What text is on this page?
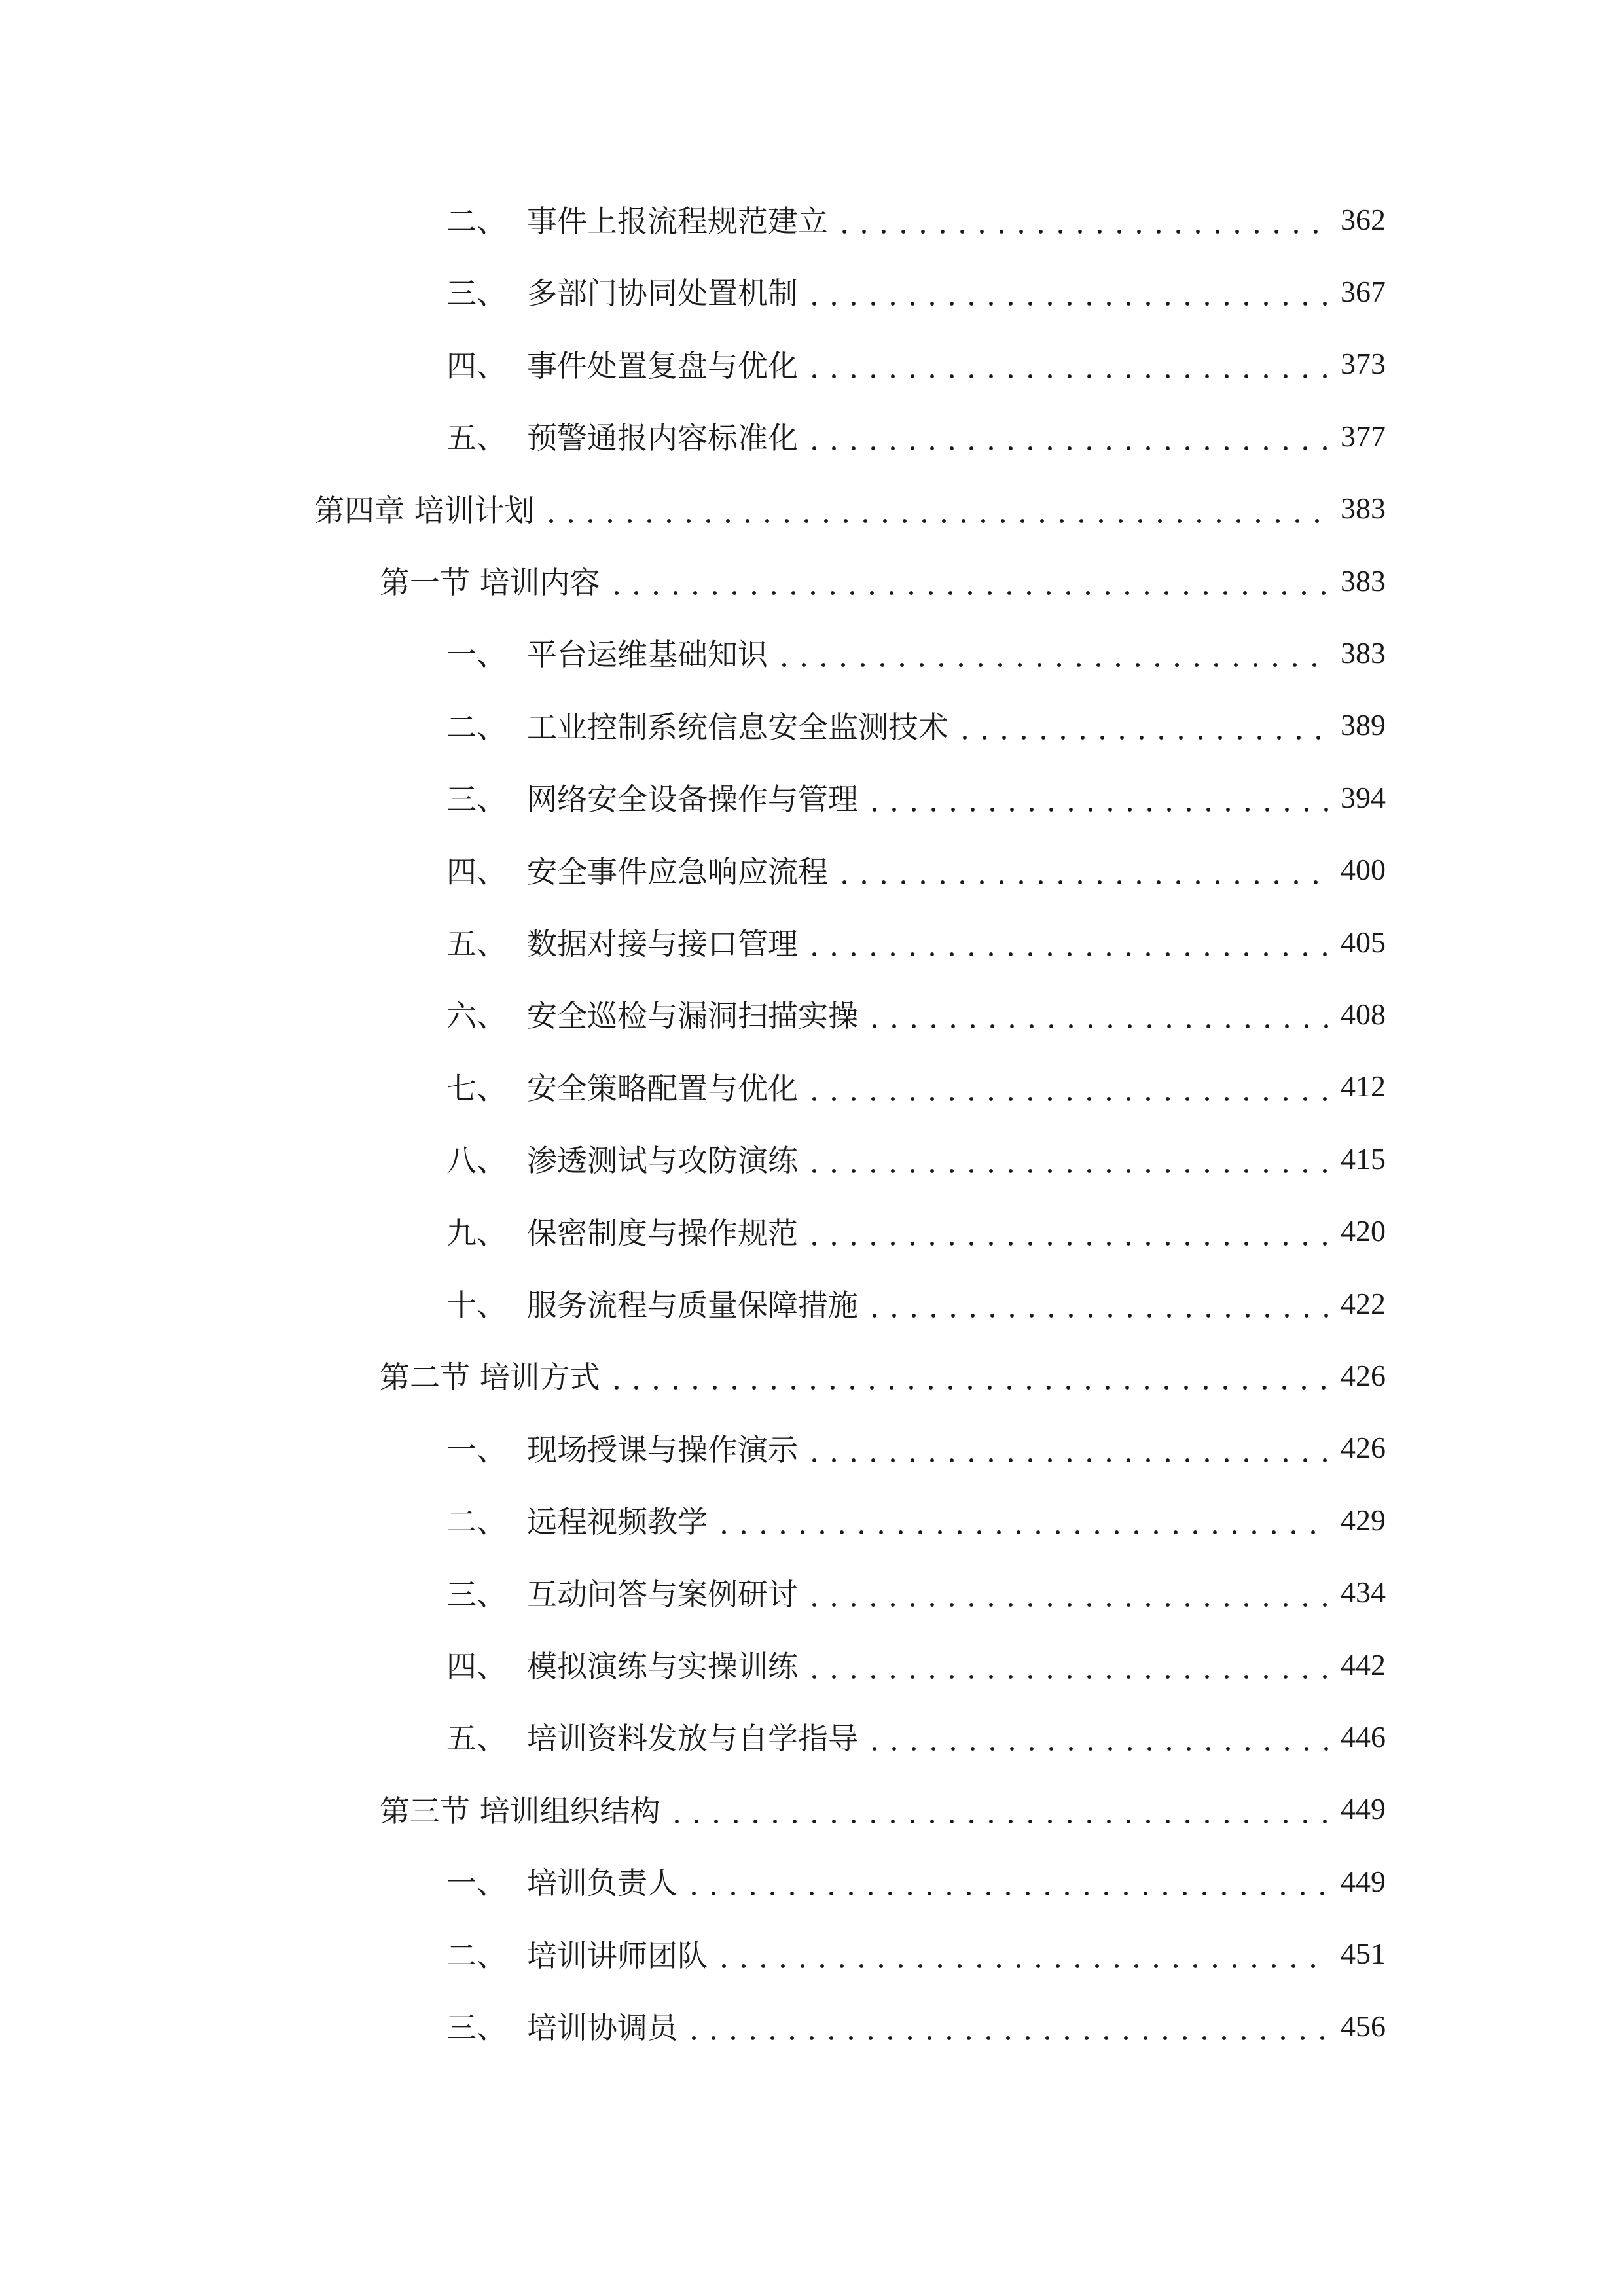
二、 事件上报流程规范建立	362
三、 多部门协同处置机制	367
四、 事件处置复盘与优化	373
五、 预警通报内容标准化	377
第四章 培训计划	383
第一节 培训内容	383
一、 平台运维基础知识	383
二、 工业控制系统信息安全监测技术	389
三、 网络安全设备操作与管理	394
四、 安全事件应急响应流程	400
五、 数据对接与接口管理	405
六、 安全巡检与漏洞扫描实操	408
七、 安全策略配置与优化	412
八、 渗透测试与攻防演练	415
九、 保密制度与操作规范	420
十、 服务流程与质量保障措施	422
第二节 培训方式	426
一、 现场授课与操作演示	426
二、 远程视频教学	429
三、 互动问答与案例研讨	434
四、 模拟演练与实操训练	442
五、 培训资料发放与自学指导	446
第三节 培训组织结构	449
一、 培训负责人	449
二、 培训讲师团队	451
三、 培训协调员	456
